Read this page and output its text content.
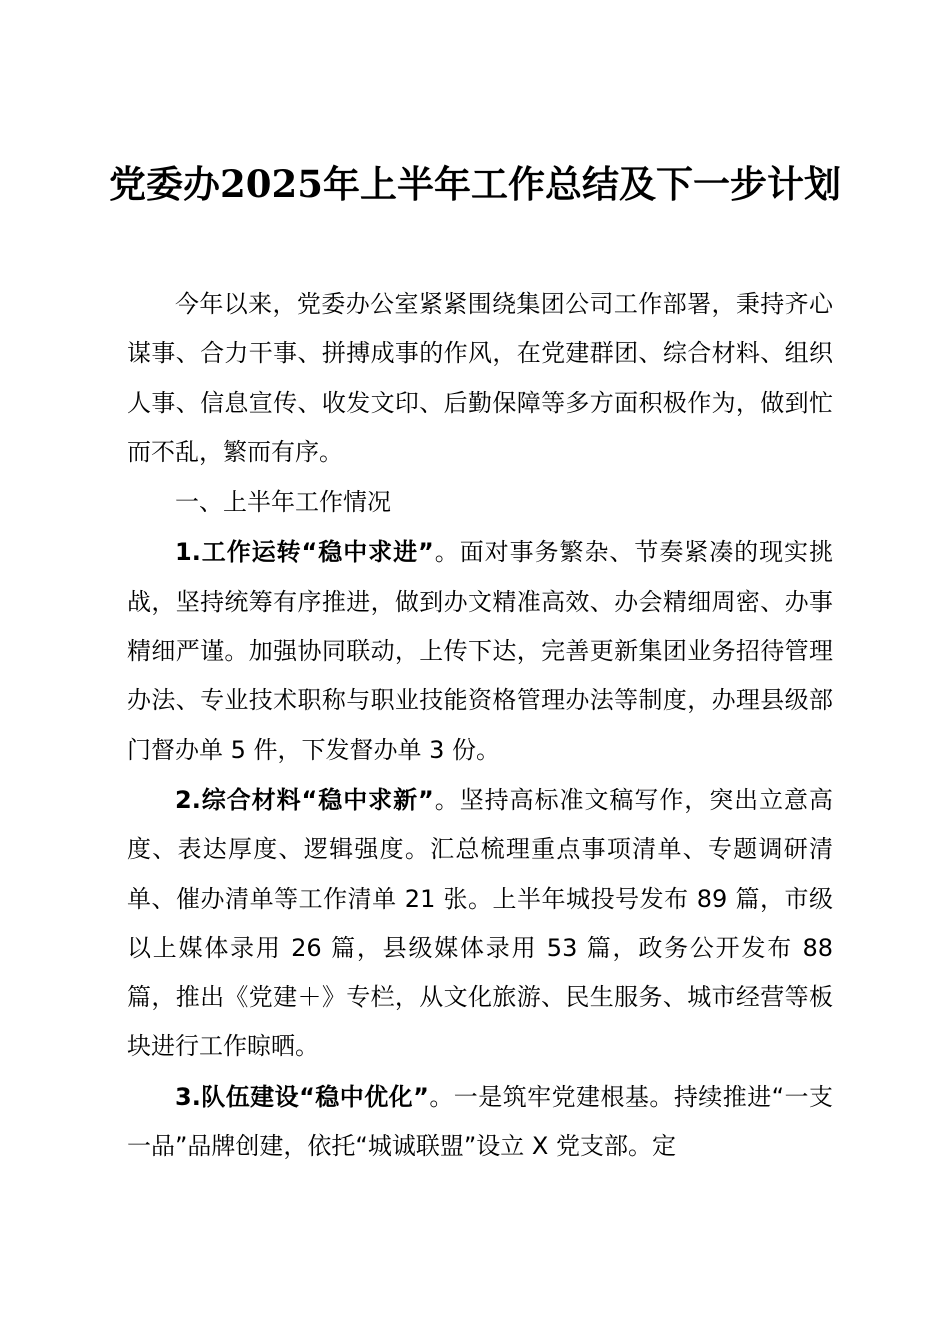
党委办2025年上半年工作总结及下一步计划

今年以来，党委办公室紧紧围绕集团公司工作部署，秉持齐心谋事、合力干事、拼搏成事的作风，在党建群团、综合材料、组织人事、信息宣传、收发文印、后勤保障等多方面积极作为，做到忙而不乱，繁而有序。

一、上半年工作情况

1.工作运转“稳中求进”。面对事务繁杂、节奏紧凑的现实挑战，坚持统筹有序推进，做到办文精准高效、办会精细周密、办事精细严谨。加强协同联动，上传下达，完善更新集团业务招待管理办法、专业技术职称与职业技能资格管理办法等制度，办理县级部门督办单 5 件，下发督办单 3 份。

2.综合材料“稳中求新”。坚持高标准文稿写作，突出立意高度、表达厚度、逻辑强度。汇总梳理重点事项清单、专题调研清单、催办清单等工作清单 21 张。上半年城投号发布 89 篇，市级以上媒体录用 26 篇，县级媒体录用 53 篇，政务公开发布 88 篇，推出《党建＋》专栏，从文化旅游、民生服务、城市经营等板块进行工作晾晒。

3.队伍建设“稳中优化”。一是筑牢党建根基。持续推进“一支一品”品牌创建，依托“城诚联盟”设立 X 党支部。定
